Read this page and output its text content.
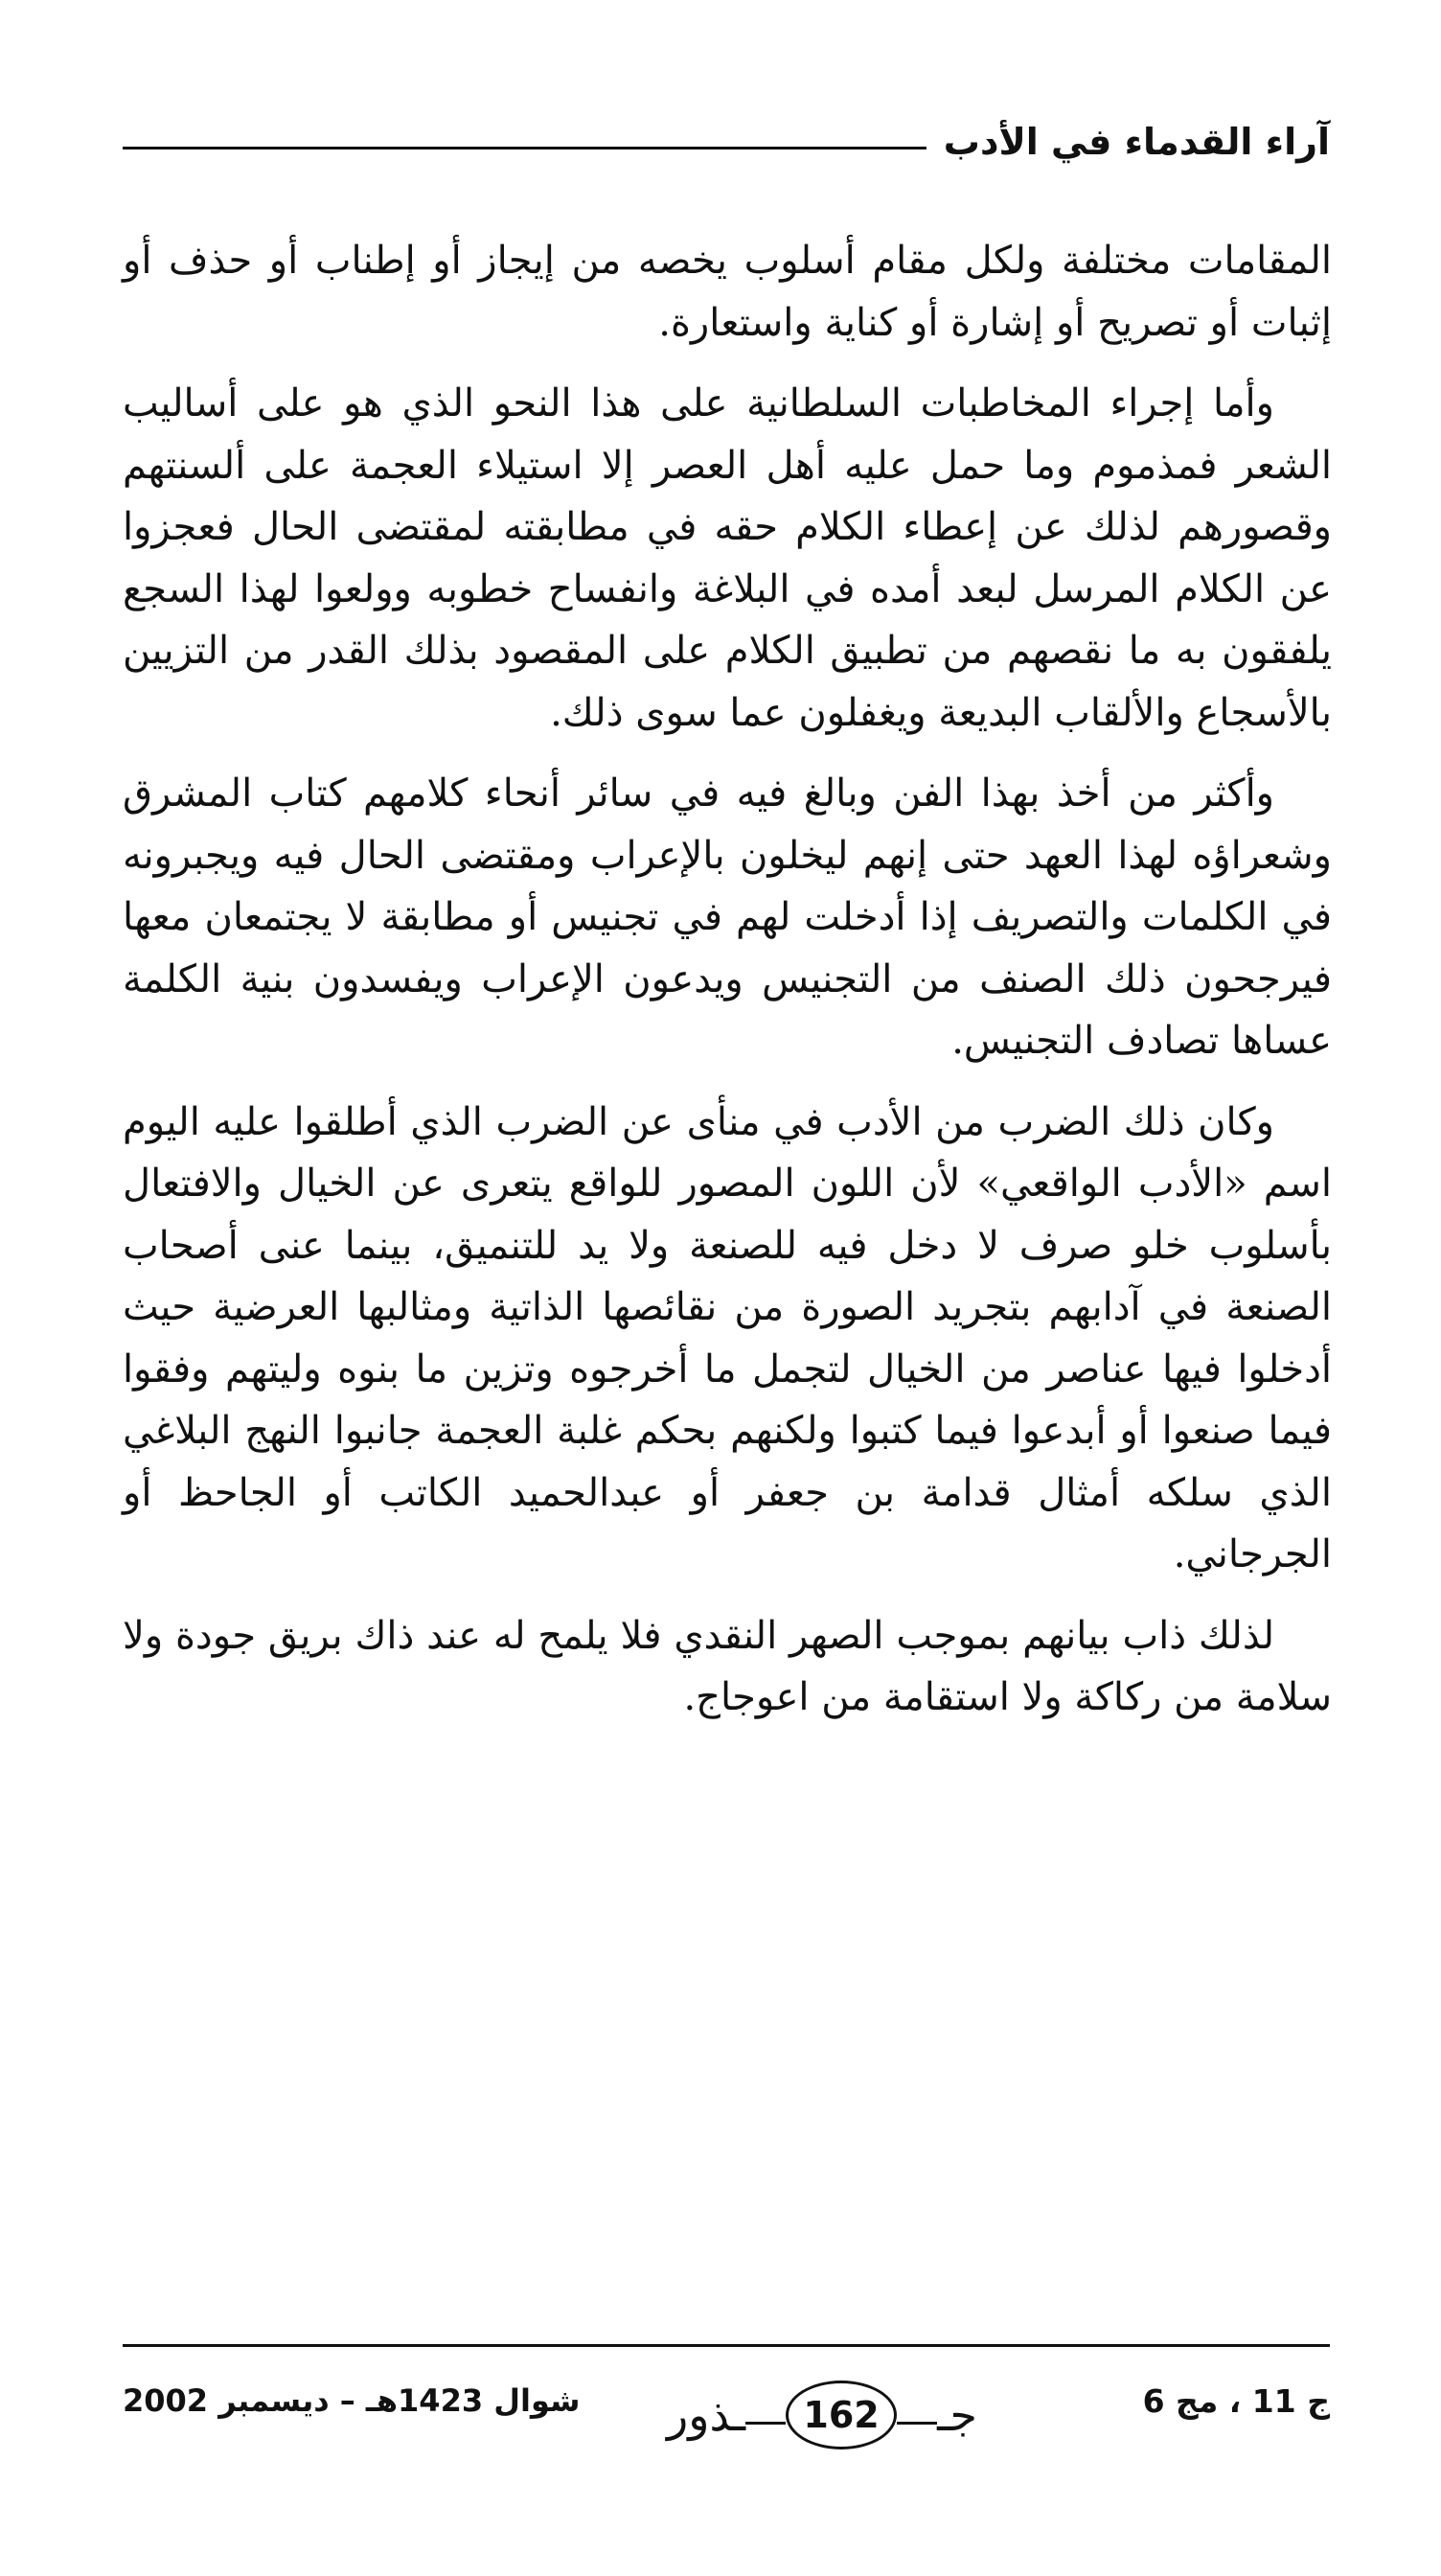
آراء القدماء في الأدب

المقامات مختلفة ولكل مقام أسلوب يخصه من إيجاز أو إطناب أو حذف أو إثبات أو تصريح أو إشارة أو كناية واستعارة.

وأما إجراء المخاطبات السلطانية على هذا النحو الذي هو على أساليب الشعر فمذموم وما حمل عليه أهل العصر إلا استيلاء العجمة على ألسنتهم وقصورهم لذلك عن إعطاء الكلام حقه في مطابقته لمقتضى الحال فعجزوا عن الكلام المرسل لبعد أمده في البلاغة وانفساح خطوبه وولعوا لهذا السجع يلفقون به ما نقصهم من تطبيق الكلام على المقصود بذلك القدر من التزيين بالأسجاع والألقاب البديعة ويغفلون عما سوى ذلك.

وأكثر من أخذ بهذا الفن وبالغ فيه في سائر أنحاء كلامهم كتاب المشرق وشعراؤه لهذا العهد حتى إنهم ليخلون بالإعراب ومقتضى الحال فيه ويجبرونه في الكلمات والتصريف إذا أدخلت لهم في تجنيس أو مطابقة لا يجتمعان معها فيرجحون ذلك الصنف من التجنيس ويدعون الإعراب ويفسدون بنية الكلمة عساها تصادف التجنيس.

وكان ذلك الضرب من الأدب في منأى عن الضرب الذي أطلقوا عليه اليوم اسم «الأدب الواقعي» لأن اللون المصور للواقع يتعرى عن الخيال والافتعال بأسلوب خلو صرف لا دخل فيه للصنعة ولا يد للتنميق، بينما عنى أصحاب الصنعة في آدابهم بتجريد الصورة من نقائصها الذاتية ومثالبها العرضية حيث أدخلوا فيها عناصر من الخيال لتجمل ما أخرجوه وتزين ما بنوه وليتهم وفقوا فيما صنعوا أو أبدعوا فيما كتبوا ولكنهم بحكم غلبة العجمة جانبوا النهج البلاغي الذي سلكه أمثال قدامة بن جعفر أو عبدالحميد الكاتب أو الجاحظ أو الجرجاني.

لذلك ذاب بيانهم بموجب الصهر النقدي فلا يلمح له عند ذاك بريق جودة ولا سلامة من ركاكة ولا استقامة من اعوجاج.

ج 11 ، مج 6
جـ
162
ـذور
شوال 1423هـ – ديسمبر 2002
